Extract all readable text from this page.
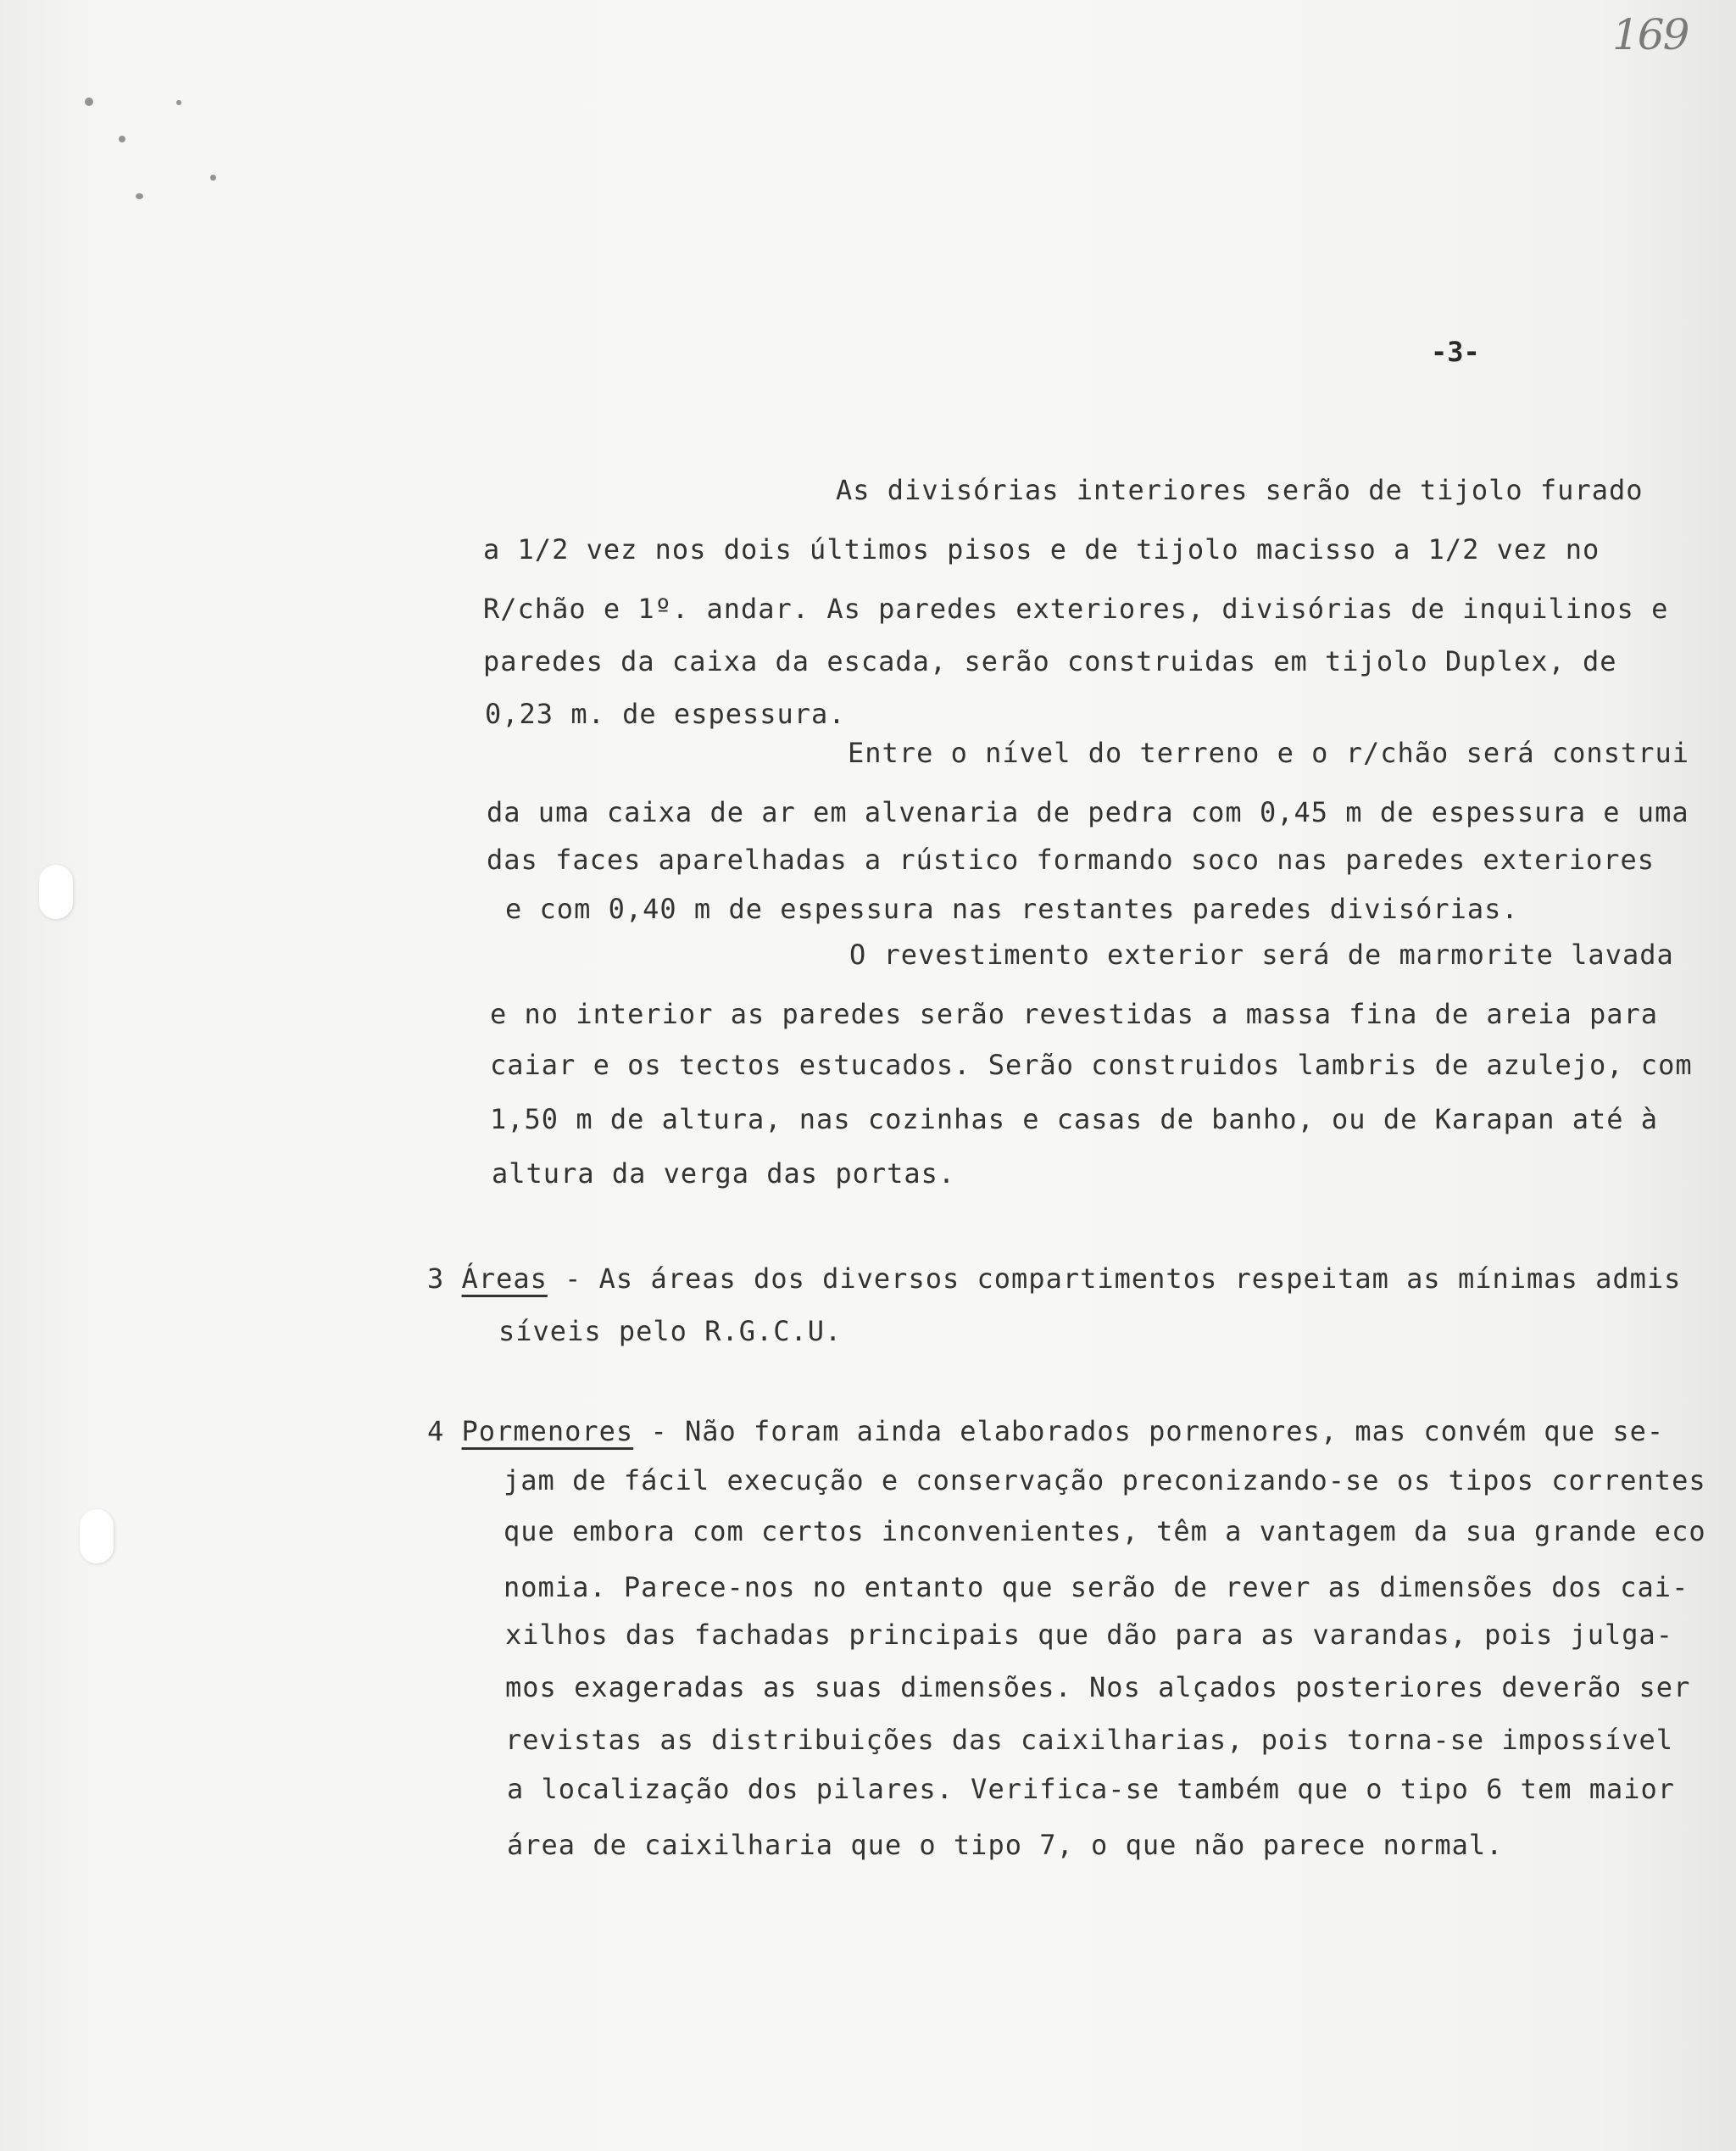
169
-3-
As divisórias interiores serão de tijolo furado
a 1/2 vez nos dois últimos pisos e de tijolo macisso a 1/2 vez no
R/chão e 1º. andar. As paredes exteriores, divisórias de inquilinos e
paredes da caixa da escada, serão construidas em tijolo Duplex, de
0,23 m. de espessura.
Entre o nível do terreno e o r/chão será construi
da uma caixa de ar em alvenaria de pedra com 0,45 m de espessura e uma
das faces aparelhadas a rústico formando soco nas paredes exteriores
e com 0,40 m de espessura nas restantes paredes divisórias.
O revestimento exterior será de marmorite lavada
e no interior as paredes serão revestidas a massa fina de areia para
caiar e os tectos estucados. Serão construidos lambris de azulejo, com
1,50 m de altura, nas cozinhas e casas de banho, ou de Karapan até à
altura da verga das portas.
3 Áreas - As áreas dos diversos compartimentos respeitam as mínimas admis
síveis pelo R.G.C.U.
4 Pormenores - Não foram ainda elaborados pormenores, mas convém que se-
jam de fácil execução e conservação preconizando-se os tipos correntes
que embora com certos inconvenientes, têm a vantagem da sua grande eco
nomia. Parece-nos no entanto que serão de rever as dimensões dos cai-
xilhos das fachadas principais que dão para as varandas, pois julga-
mos exageradas as suas dimensões. Nos alçados posteriores deverão ser
revistas as distribuições das caixilharias, pois torna-se impossível
a localização dos pilares. Verifica-se também que o tipo 6 tem maior
área de caixilharia que o tipo 7, o que não parece normal.
